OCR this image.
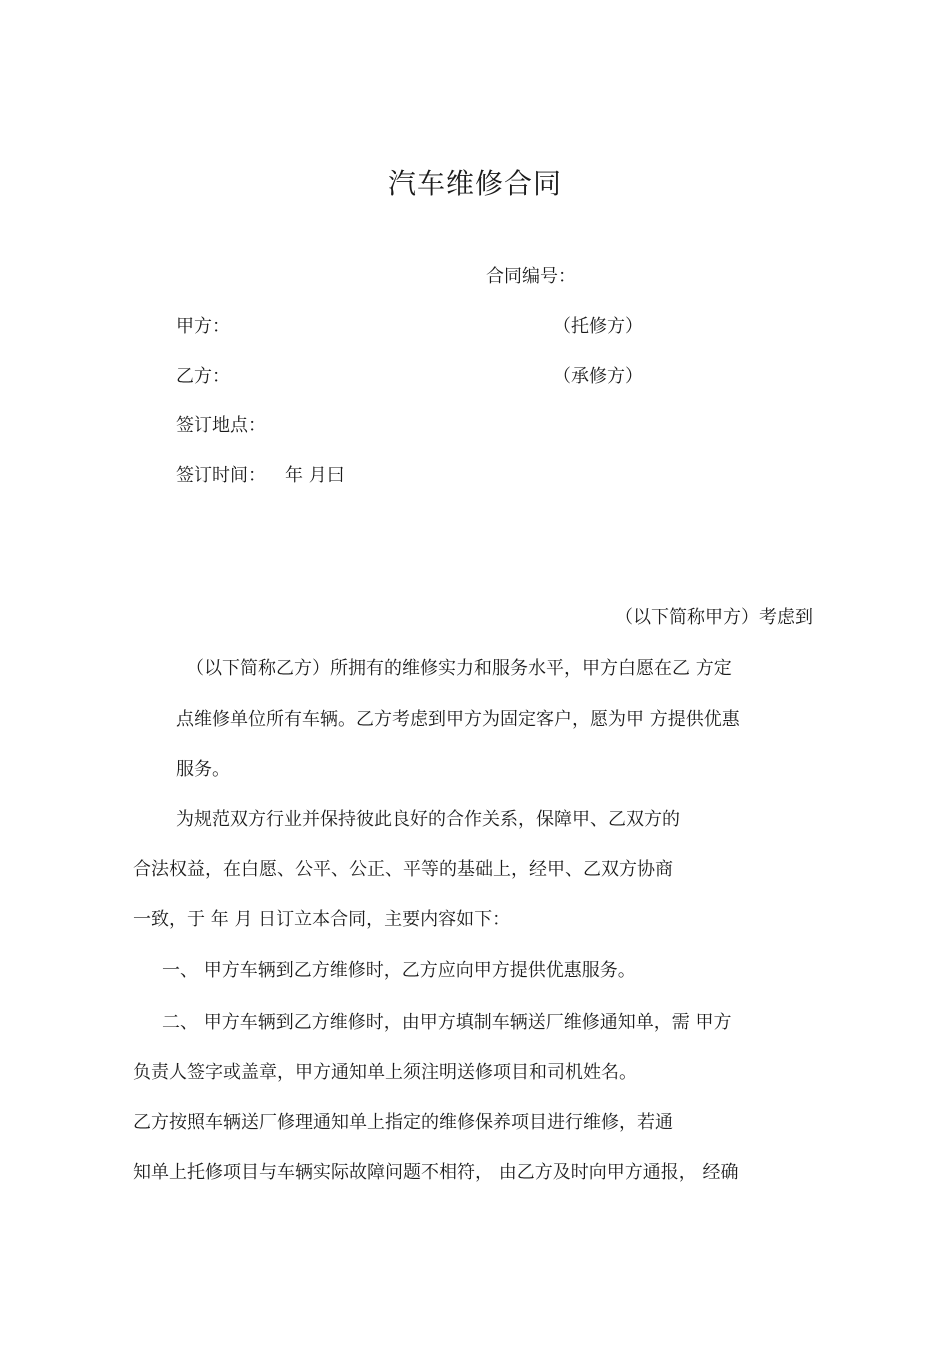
汽车维修合同
合同编号：
甲方：	（托修方）
乙方：	（承修方）
签订地点：
签订时间： 年 月曰
（以下简称甲方）考虑到
（以下简称乙方）所拥有的维修实力和服务水平，甲方白愿在乙 方定
点维修单位所有车辆。乙方考虑到甲方为固定客户，愿为甲 方提供优惠
服务。
为规范双方行业并保持彼此良好的合作关系，保障甲、乙双方的
合法权益，在白愿、公平、公正、平等的基础上，经甲、乙双方协商
一致，于 年 月 日订立本合同，主要内容如下：
一、 甲方车辆到乙方维修时，乙方应向甲方提供优惠服务。
二、 甲方车辆到乙方维修时，由甲方填制车辆送厂维修通知单，需 甲方
负责人签字或盖章，甲方通知单上须注明送修项目和司机姓名。
乙方按照车辆送厂修理通知单上指定的维修保养项目进行维修，若通
知单上托修项目与车辆实际故障问题不相符， 由乙方及时向甲方通报， 经确
